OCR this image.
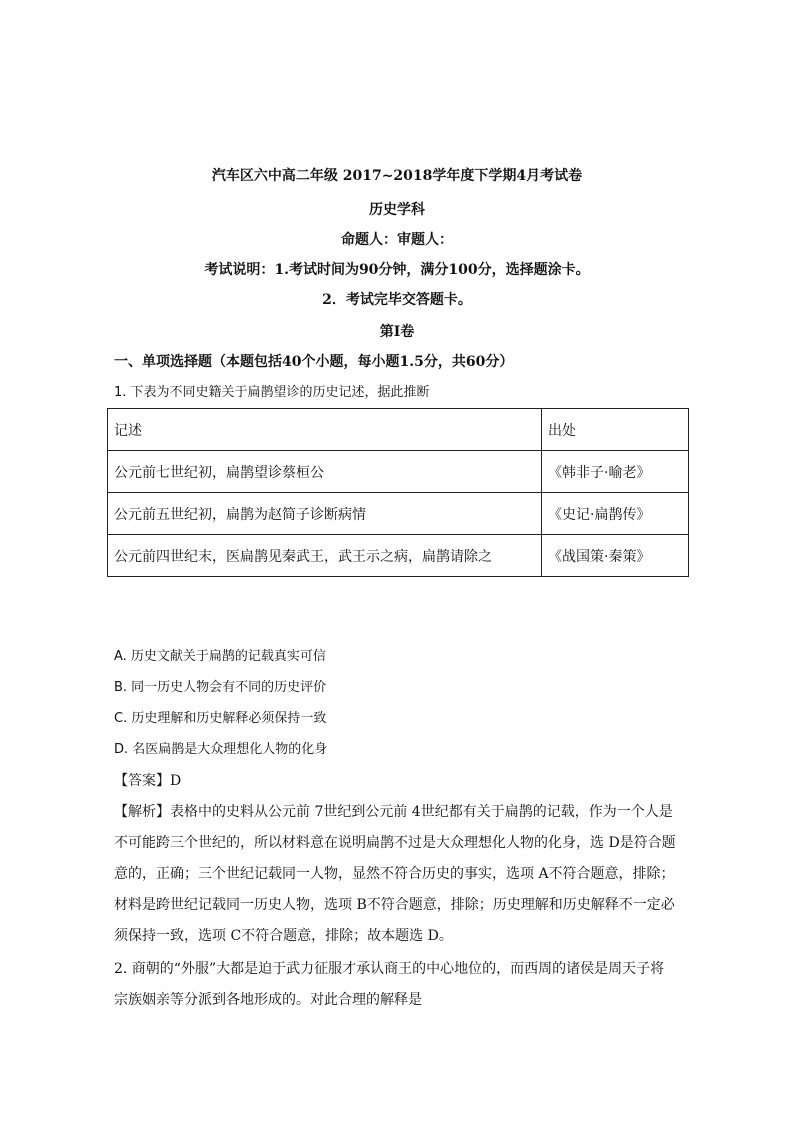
汽车区六中高二年级 2017~2018学年度下学期4月考试卷
历史学科
命题人：审题人：
考试说明：1.考试时间为90分钟，满分100分，选择题涂卡。
2．考试完毕交答题卡。
第Ⅰ卷
一、单项选择题（本题包括40个小题，每小题1.5分，共60分）
1. 下表为不同史籍关于扁鹊望诊的历史记述，据此推断
记述	出处
公元前七世纪初，扁鹊望诊蔡桓公	《韩非子·喻老》
公元前五世纪初，扁鹊为赵简子诊断病情	《史记·扁鹊传》
公元前四世纪末，医扁鹊见秦武王，武王示之病，扁鹊请除之	《战国策·秦策》
A. 历史文献关于扁鹊的记载真实可信
B. 同一历史人物会有不同的历史评价
C. 历史理解和历史解释必须保持一致
D. 名医扁鹊是大众理想化人物的化身
【答案】D
【解析】表格中的史料从公元前 7世纪到公元前 4世纪都有关于扁鹊的记载，作为一个人是
不可能跨三个世纪的，所以材料意在说明扁鹊不过是大众理想化人物的化身，选 D是符合题
意的，正确；三个世纪记载同一人物，显然不符合历史的事实，选项 A不符合题意，排除；
材料是跨世纪记载同一历史人物，选项 B不符合题意，排除；历史理解和历史解释不一定必
须保持一致，选项 C不符合题意，排除；故本题选 D。
2. 商朝的“外服”大都是迫于武力征服才承认商王的中心地位的，而西周的诸侯是周天子将
宗族姻亲等分派到各地形成的。对此合理的解释是
